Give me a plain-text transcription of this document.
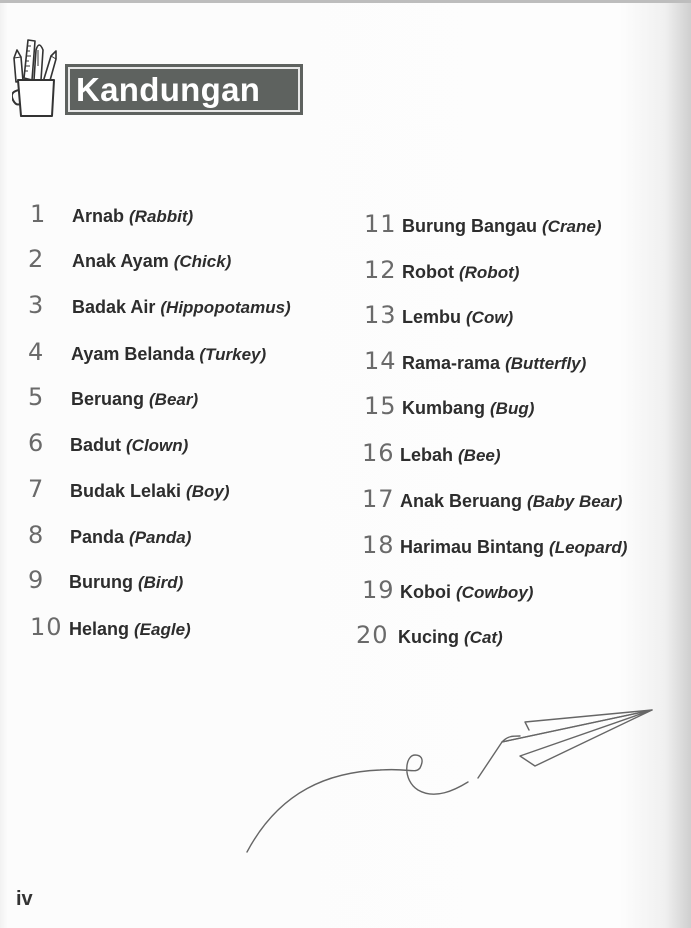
Kandungan
1	Arnab (Rabbit)
2	Anak Ayam (Chick)
3	Badak Air (Hippopotamus)
4	Ayam Belanda (Turkey)
5	Beruang (Bear)
6	Badut (Clown)
7	Budak Lelaki (Boy)
8	Panda (Panda)
9	Burung (Bird)
10 Helang (Eagle)
11 Burung Bangau (Crane)
12 Robot (Robot)
13 Lembu (Cow)
14 Rama-rama (Butterfly)
15 Kumbang (Bug)
16 Lebah (Bee)
17 Anak Beruang (Baby Bear)
18 Harimau Bintang (Leopard)
19 Koboi (Cowboy)
20 Kucing (Cat)
iv
